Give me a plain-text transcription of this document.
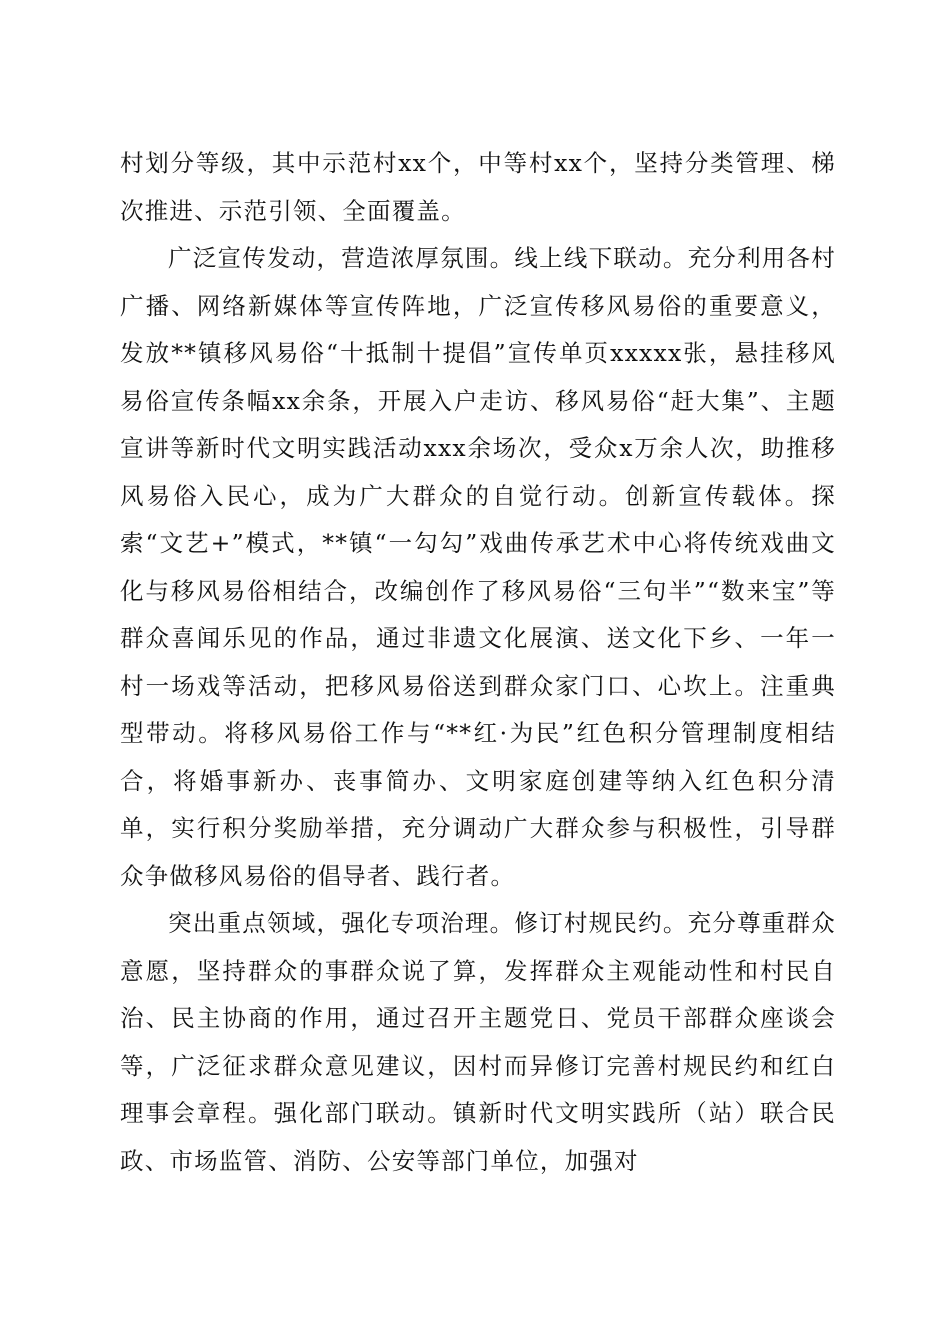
村划分等级，其中示范村xx个，中等村xx个，坚持分类管理、梯次推进、示范引领、全面覆盖。

广泛宣传发动，营造浓厚氛围。线上线下联动。充分利用各村广播、网络新媒体等宣传阵地，广泛宣传移风易俗的重要意义，发放**镇移风易俗“十抵制十提倡”宣传单页xxxxx张，悬挂移风易俗宣传条幅xx余条，开展入户走访、移风易俗“赶大集”、主题宣讲等新时代文明实践活动xxx余场次，受众x万余人次，助推移风易俗入民心，成为广大群众的自觉行动。创新宣传载体。探索“文艺+”模式，**镇“一勾勾”戏曲传承艺术中心将传统戏曲文化与移风易俗相结合，改编创作了移风易俗“三句半”“数来宝”等群众喜闻乐见的作品，通过非遗文化展演、送文化下乡、一年一村一场戏等活动，把移风易俗送到群众家门口、心坎上。注重典型带动。将移风易俗工作与“**红·为民”红色积分管理制度相结合，将婚事新办、丧事简办、文明家庭创建等纳入红色积分清单，实行积分奖励举措，充分调动广大群众参与积极性，引导群众争做移风易俗的倡导者、践行者。

突出重点领域，强化专项治理。修订村规民约。充分尊重群众意愿，坚持群众的事群众说了算，发挥群众主观能动性和村民自治、民主协商的作用，通过召开主题党日、党员干部群众座谈会等，广泛征求群众意见建议，因村而异修订完善村规民约和红白理事会章程。强化部门联动。镇新时代文明实践所（站）联合民政、市场监管、消防、公安等部门单位，加强对
